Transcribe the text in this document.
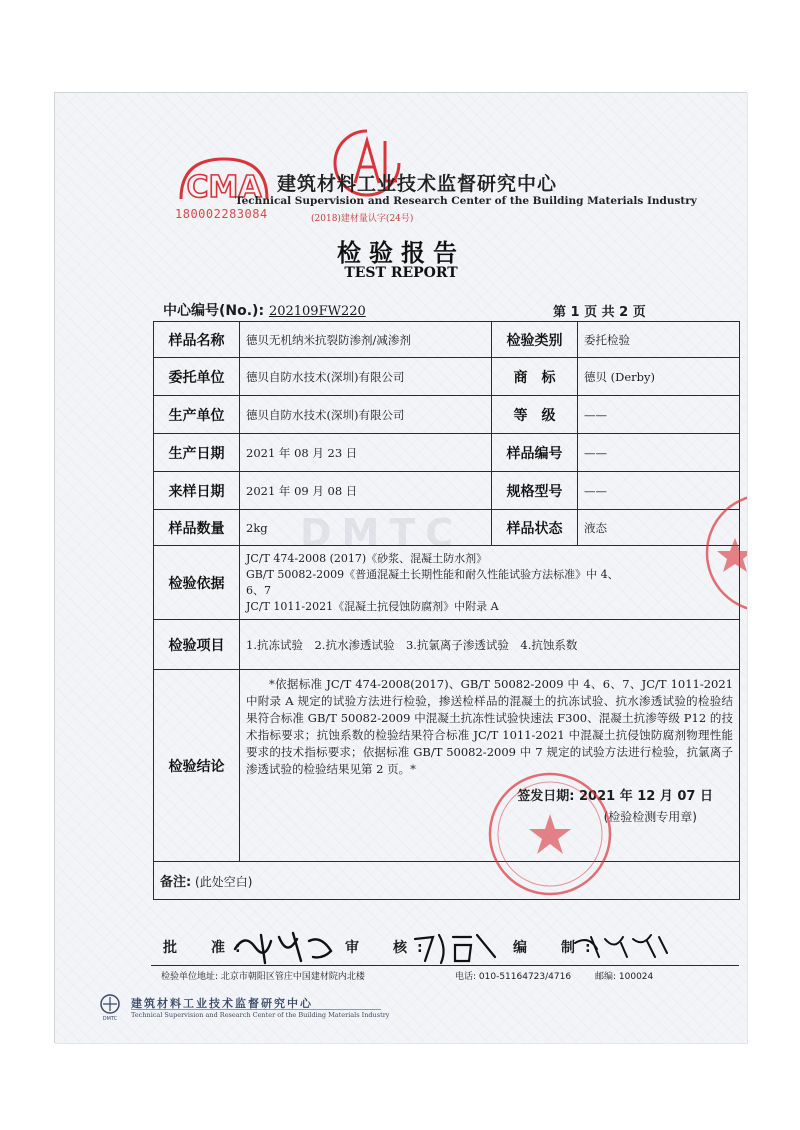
CMA
180002283084
建筑材料工业技术监督研究中心
Technical Supervision and Research Center of the Building Materials Industry
(2018)建材量认字(24号)
检验报告
TEST REPORT
中心编号(No.): 202109FW220	第 1 页 共 2 页
DMTC
样品名称	德贝无机纳米抗裂防渗剂/减渗剂	检验类别	委托检验
委托单位	德贝自防水技术(深圳)有限公司	商　标	德贝 (Derby)
生产单位	德贝自防水技术(深圳)有限公司	等　级	——
生产日期	2021 年 08 月 23 日	样品编号	——
来样日期	2021 年 09 月 08 日	规格型号	——
样品数量	2kg	样品状态	液态
检验依据	JC/T 474-2008 (2017)《砂浆、混凝土防水剂》
GB/T 50082-2009《普通混凝土长期性能和耐久性能试验方法标准》中 4、
6、7
JC/T 1011-2021《混凝土抗侵蚀防腐剂》中附录 A		

检验项目	1.抗冻试验　2.抗水渗透试验　3.抗氯离子渗透试验　4.抗蚀系数		
检验结论	*依据标准 JC/T 474-2008(2017)、GB/T 50082-2009 中 4、6、7、JC/T 1011-2021 中附录 A 规定的试验方法进行检验，掺送检样品的混凝土的抗冻试验、抗水渗透试验的检验结果符合标准 GB/T 50082-2009 中混凝土抗冻性试验快速法 F300、混凝土抗渗等级 P12 的技术指标要求；抗蚀系数的检验结果符合标准 JC/T 1011-2021 中混凝土抗侵蚀防腐剂物理性能要求的技术指标要求；依据标准 GB/T 50082-2009 中 7 规定的试验方法进行检验，抗氯离子渗透试验的检验结果见第 2 页。*
签发日期: 2021 年 12 月 07 日
(检验检测专用章)		

备注: (此处空白)			
批　准:	审　核:	编　制:
检验单位地址: 北京市朝阳区管庄中国建材院内北楼	电话: 010-51164723/4716	邮编: 100024
DMTC
建筑材料工业技术监督研究中心
Technical Supervision and Research Center of the Building Materials Industry
